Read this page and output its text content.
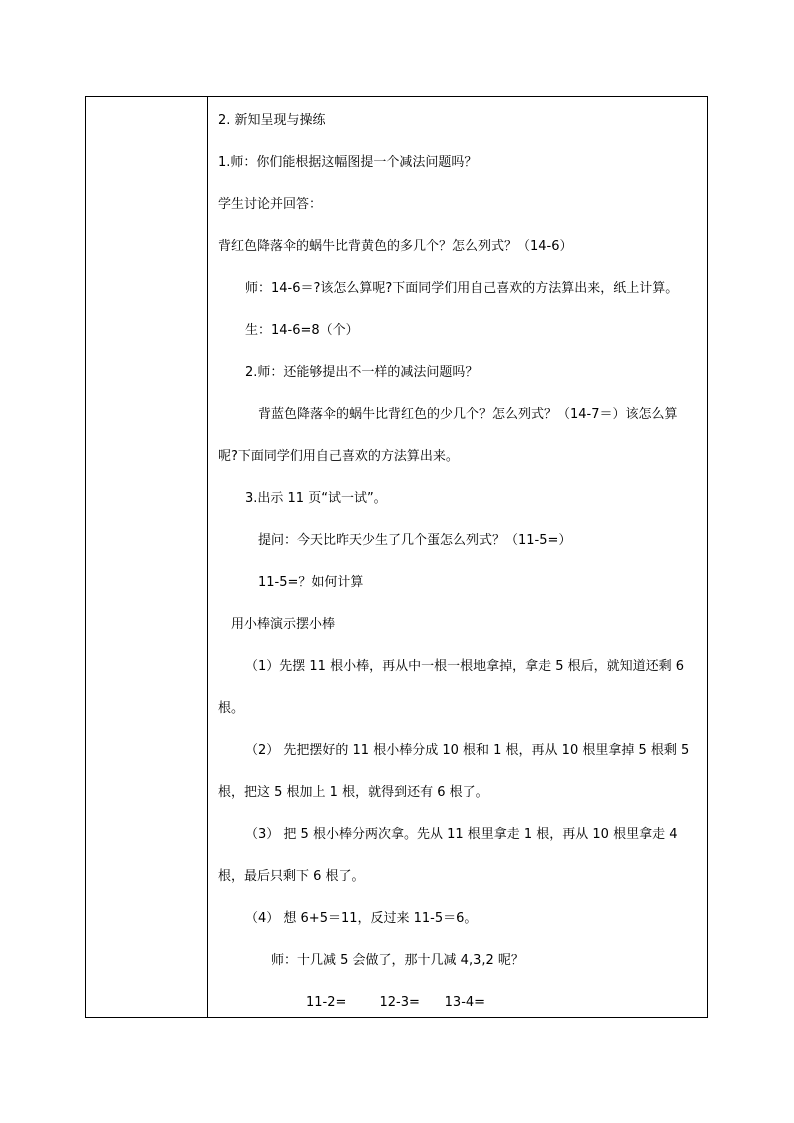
2. 新知呈现与操练
1.师：你们能根据这幅图提一个减法问题吗？
学生讨论并回答：
背红色降落伞的蜗牛比背黄色的多几个？怎么列式？（14-6）
师：14-6＝?该怎么算呢?下面同学们用自己喜欢的方法算出来，纸上计算。
生：14-6=8（个）
2.师：还能够提出不一样的减法问题吗？
背蓝色降落伞的蜗牛比背红色的少几个？怎么列式？（14-7＝）该怎么算
呢?下面同学们用自己喜欢的方法算出来。
3.出示 11 页“试一试”。
提问：今天比昨天少生了几个蛋怎么列式？（11-5=）
11-5=？如何计算
用小棒演示摆小棒
（1）先摆 11 根小棒，再从中一根一根地拿掉，拿走 5 根后，就知道还剩 6
根。
（2） 先把摆好的 11 根小棒分成 10 根和 1 根，再从 10 根里拿掉 5 根剩 5
根，把这 5 根加上 1 根，就得到还有 6 根了。
（3） 把 5 根小棒分两次拿。先从 11 根里拿走 1 根，再从 10 根里拿走 4
根，最后只剩下 6 根了。
（4） 想 6+5＝11，反过来 11-5＝6。
师：十几减 5 会做了，那十几减 4,3,2 呢？
11-2=        12-3=      13-4=
